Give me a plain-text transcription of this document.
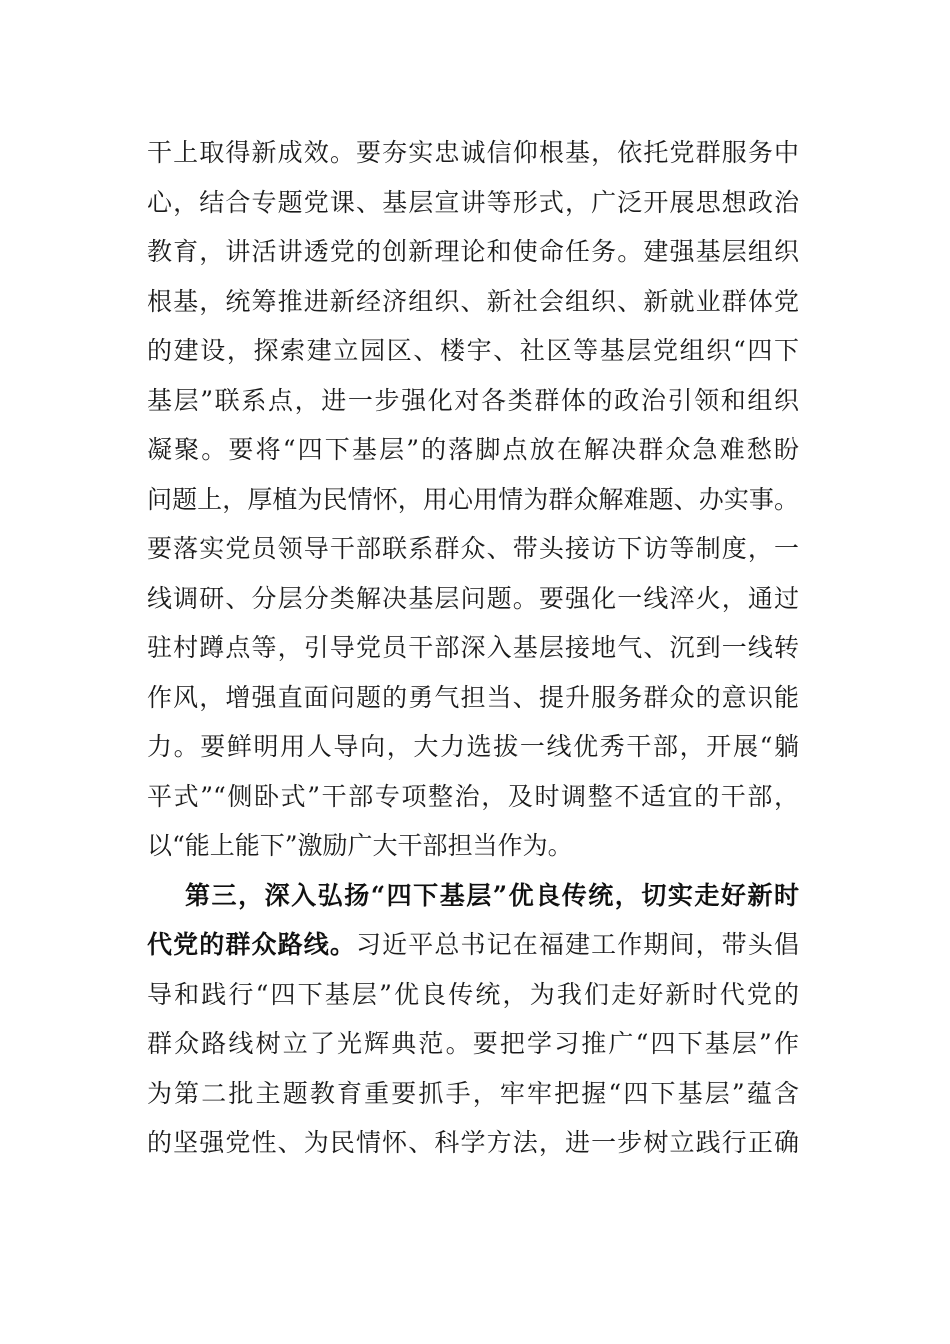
干上取得新成效。要夯实忠诚信仰根基，依托党群服务中
心，结合专题党课、基层宣讲等形式，广泛开展思想政治
教育，讲活讲透党的创新理论和使命任务。建强基层组织
根基，统筹推进新经济组织、新社会组织、新就业群体党
的建设，探索建立园区、楼宇、社区等基层党组织“四下
基层”联系点，进一步强化对各类群体的政治引领和组织
凝聚。要将“四下基层”的落脚点放在解决群众急难愁盼
问题上，厚植为民情怀，用心用情为群众解难题、办实事。
要落实党员领导干部联系群众、带头接访下访等制度，一
线调研、分层分类解决基层问题。要强化一线淬火，通过
驻村蹲点等，引导党员干部深入基层接地气、沉到一线转
作风，增强直面问题的勇气担当、提升服务群众的意识能
力。要鲜明用人导向，大力选拔一线优秀干部，开展“躺
平式”“侧卧式”干部专项整治，及时调整不适宜的干部，
以“能上能下”激励广大干部担当作为。
第三，深入弘扬“四下基层”优良传统，切实走好新时
代党的群众路线。习近平总书记在福建工作期间，带头倡
导和践行“四下基层”优良传统，为我们走好新时代党的
群众路线树立了光辉典范。要把学习推广“四下基层”作
为第二批主题教育重要抓手，牢牢把握“四下基层”蕴含
的坚强党性、为民情怀、科学方法，进一步树立践行正确
